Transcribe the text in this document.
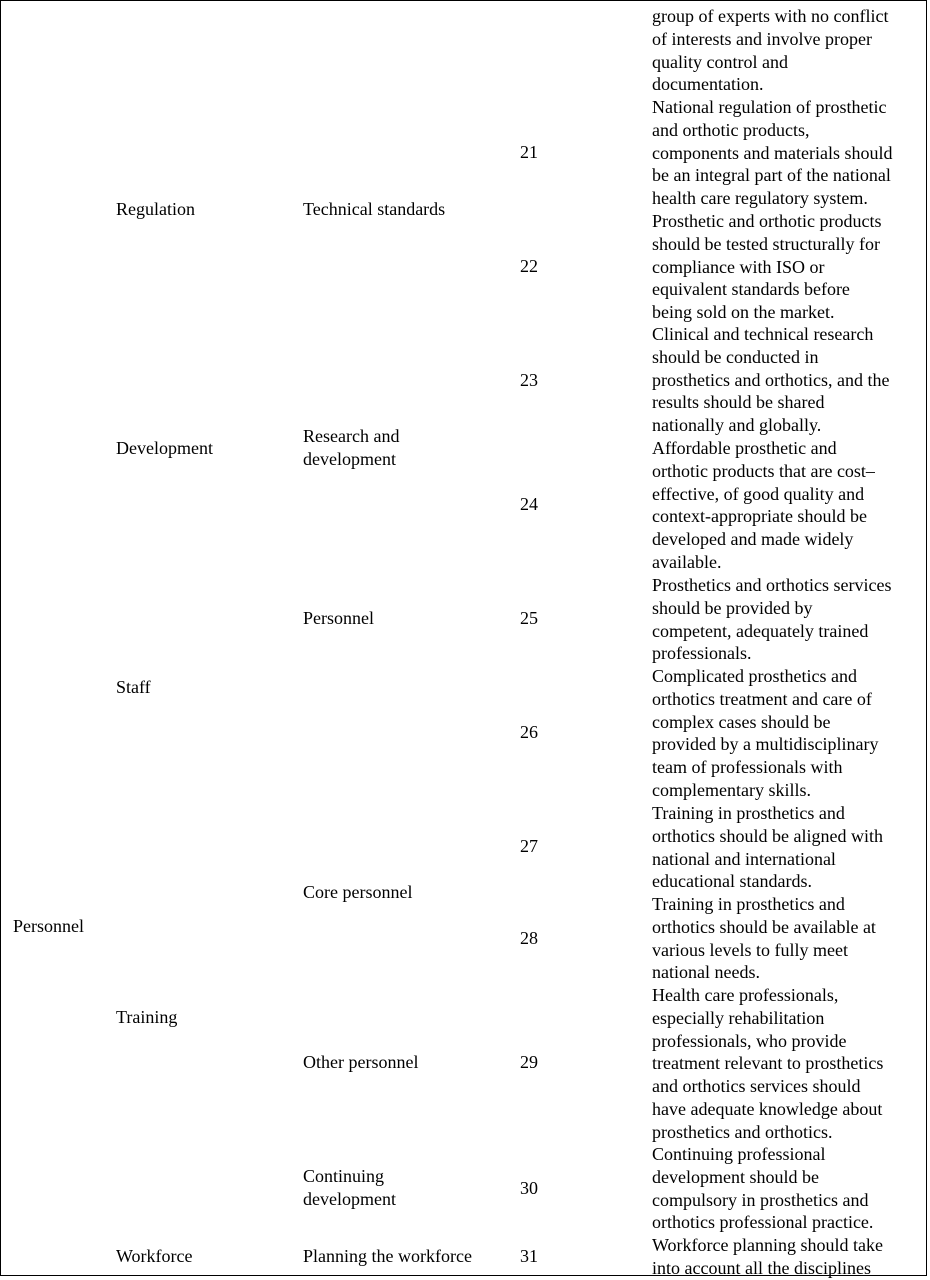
Personnel
Regulation
Development
Staff
Training
Workforce
Technical standards
Research and
development
Personnel
Core personnel
Other personnel
Continuing
development
Planning the workforce
21
22
23
24
25
26
27
28
29
30
31
group of experts with no conflict
of interests and involve proper
quality control and
documentation.
National regulation of prosthetic
and orthotic products,
components and materials should
be an integral part of the national
health care regulatory system.
Prosthetic and orthotic products
should be tested structurally for
compliance with ISO or
equivalent standards before
being sold on the market.
Clinical and technical research
should be conducted in
prosthetics and orthotics, and the
results should be shared
nationally and globally.
Affordable prosthetic and
orthotic products that are cost–
effective, of good quality and
context-appropriate should be
developed and made widely
available.
Prosthetics and orthotics services
should be provided by
competent, adequately trained
professionals.
Complicated prosthetics and
orthotics treatment and care of
complex cases should be
provided by a multidisciplinary
team of professionals with
complementary skills.
Training in prosthetics and
orthotics should be aligned with
national and international
educational standards.
Training in prosthetics and
orthotics should be available at
various levels to fully meet
national needs.
Health care professionals,
especially rehabilitation
professionals, who provide
treatment relevant to prosthetics
and orthotics services should
have adequate knowledge about
prosthetics and orthotics.
Continuing professional
development should be
compulsory in prosthetics and
orthotics professional practice.
Workforce planning should take
into account all the disciplines
